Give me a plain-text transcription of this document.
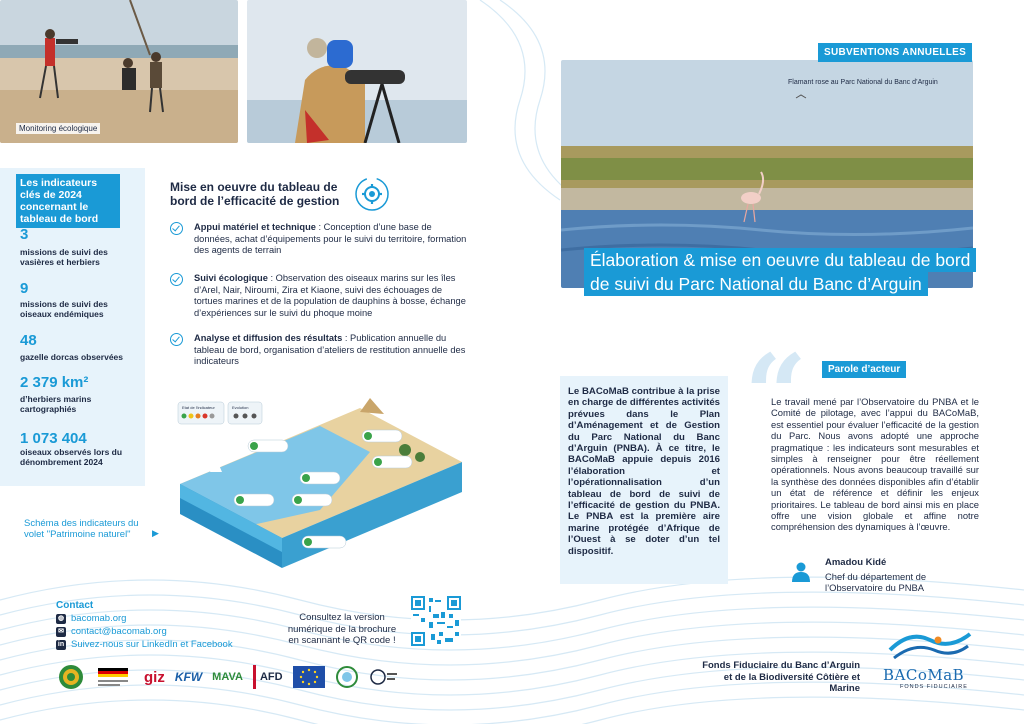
Monitoring écologique
Les indicateurs clés de 2024 concernant le tableau de bord
3
missions de suivi des vasières et herbiers
9
missions de suivi des oiseaux endémiques
48
gazelle dorcas observées
2 379 km²
d’herbiers marins cartographiés
1 073 404
oiseaux observés lors du dénombrement 2024
Mise en oeuvre du tableau de bord de l’efficacité de gestion
Appui matériel et technique : Conception d’une base de données, achat d’équipements pour le suivi du territoire, formation des agents de terrain
Suivi écologique : Observation des oiseaux marins sur les îles d’Arel, Nair, Niroumi, Zira et Kiaone, suivi des échouages de tortues marines et de la population de dauphins à bosse, échange d’expériences sur le suivi du phoque moine
Analyse et diffusion des résultats : Publication annuelle du tableau de bord, organisation d’ateliers de restitution annuelle des indicateurs
Etat de l'indicateur	Evolution
Schéma des indicateurs du volet "Patrimoine naturel"	▶
Contact
◍ bacomab.org
✉ contact@bacomab.org
in Suivez-nous sur LinkedIn et Facebook
Consultez la version numérique de la brochure en scannant le QR code !
giz KFW MAVA	AFD
SUBVENTIONS ANNUELLES
Flamant rose au Parc National du Banc d’Arguin
Élaboration & mise en oeuvre du tableau de bord de suivi du Parc National du Banc d’Arguin
Le BACoMaB contribue à la prise en charge de différentes activités prévues dans le Plan d’Aménagement et de Gestion du Parc National du Banc d’Arguin (PNBA). À ce titre, le BACoMaB appuie depuis 2016 l’élaboration et l’opérationnalisation d’un tableau de bord de suivi de l’efficacité de gestion du PNBA. Le PNBA est la première aire marine protégée d’Afrique de l’Ouest à se doter d’un tel dispositif.
“	Parole d’acteur
Le travail mené par l’Observatoire du PNBA et le Comité de pilotage, avec l’appui du BACoMaB, est essentiel pour évaluer l’efficacité de la gestion du Parc. Nous avons adopté une approche pragmatique : les indicateurs sont mesurables et simples à renseigner pour être réellement opérationnels. Nous avons beaucoup travaillé sur la synthèse des données disponibles afin d’établir un état de référence et définir les enjeux prioritaires. Le tableau de bord ainsi mis en place offre une vision globale et affine notre compréhension des dynamiques à l’œuvre.
Amadou Kidé
Chef du département de l’Observatoire du PNBA
Fonds Fiduciaire du Banc d’Arguin et de la Biodiversité Côtière et Marine
BACoMaB
FONDS FIDUCIAIRE
